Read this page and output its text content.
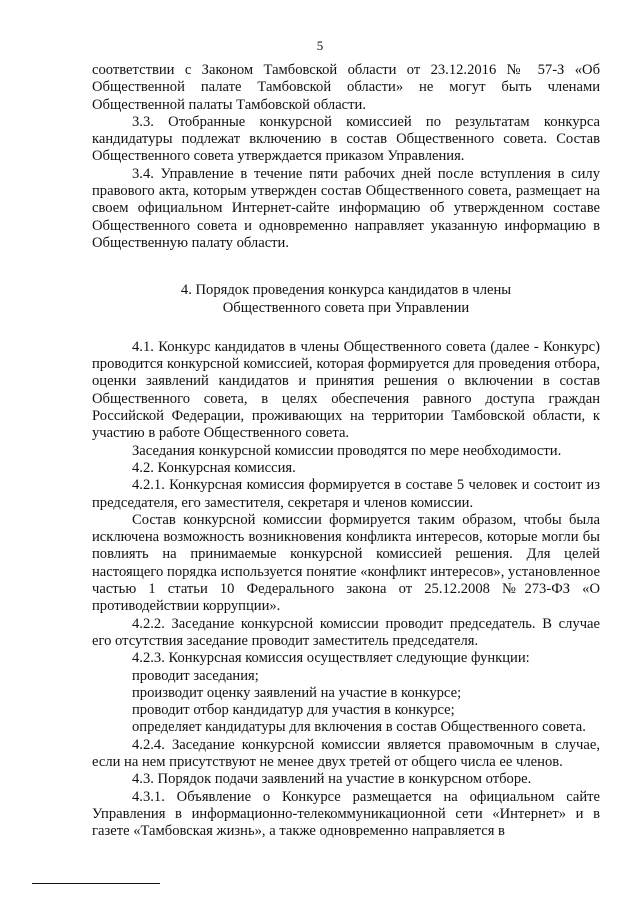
5

соответствии с Законом Тамбовской области от 23.12.2016 № 57-З «Об Общественной палате Тамбовской области» не могут быть членами Общественной палаты Тамбовской области.

3.3. Отобранные конкурсной комиссией по результатам конкурса кандидатуры подлежат включению в состав Общественного совета. Состав Общественного совета утверждается приказом Управления.

3.4. Управление в течение пяти рабочих дней после вступления в силу правового акта, которым утвержден состав Общественного совета, размещает на своем официальном Интернет-сайте информацию об утвержденном составе Общественного совета и одновременно направляет указанную информацию в Общественную палату области.

4. Порядок проведения конкурса кандидатов в члены

Общественного совета при Управлении

4.1. Конкурс кандидатов в члены Общественного совета (далее - Конкурс) проводится конкурсной комиссией, которая формируется для проведения отбора, оценки заявлений кандидатов и принятия решения о включении в состав Общественного совета, в целях обеспечения равного доступа граждан Российской Федерации, проживающих на территории Тамбовской области, к участию в работе Общественного совета.

Заседания конкурсной комиссии проводятся по мере необходимости.

4.2. Конкурсная комиссия.

4.2.1. Конкурсная комиссия формируется в составе 5 человек и состоит из председателя, его заместителя, секретаря и членов комиссии.

Состав конкурсной комиссии формируется таким образом, чтобы была исключена возможность возникновения конфликта интересов, которые могли бы повлиять на принимаемые конкурсной комиссией решения. Для целей настоящего порядка используется понятие «конфликт интересов», установленное частью 1 статьи 10 Федерального закона от 25.12.2008 №273-ФЗ «О противодействии коррупции».

4.2.2. Заседание конкурсной комиссии проводит председатель. В случае его отсутствия заседание проводит заместитель председателя.

4.2.3. Конкурсная комиссия осуществляет следующие функции:

проводит заседания;

производит оценку заявлений на участие в конкурсе;

проводит отбор кандидатур для участия в конкурсе;

определяет кандидатуры для включения в состав Общественного совета.

4.2.4. Заседание конкурсной комиссии является правомочным в случае, если на нем присутствуют не менее двух третей от общего числа ее членов.

4.3. Порядок подачи заявлений на участие в конкурсном отборе.

4.3.1. Объявление о Конкурсе размещается на официальном сайте Управления в информационно-телекоммуникационной сети «Интернет» и в газете «Тамбовская жизнь», а также одновременно направляется в
